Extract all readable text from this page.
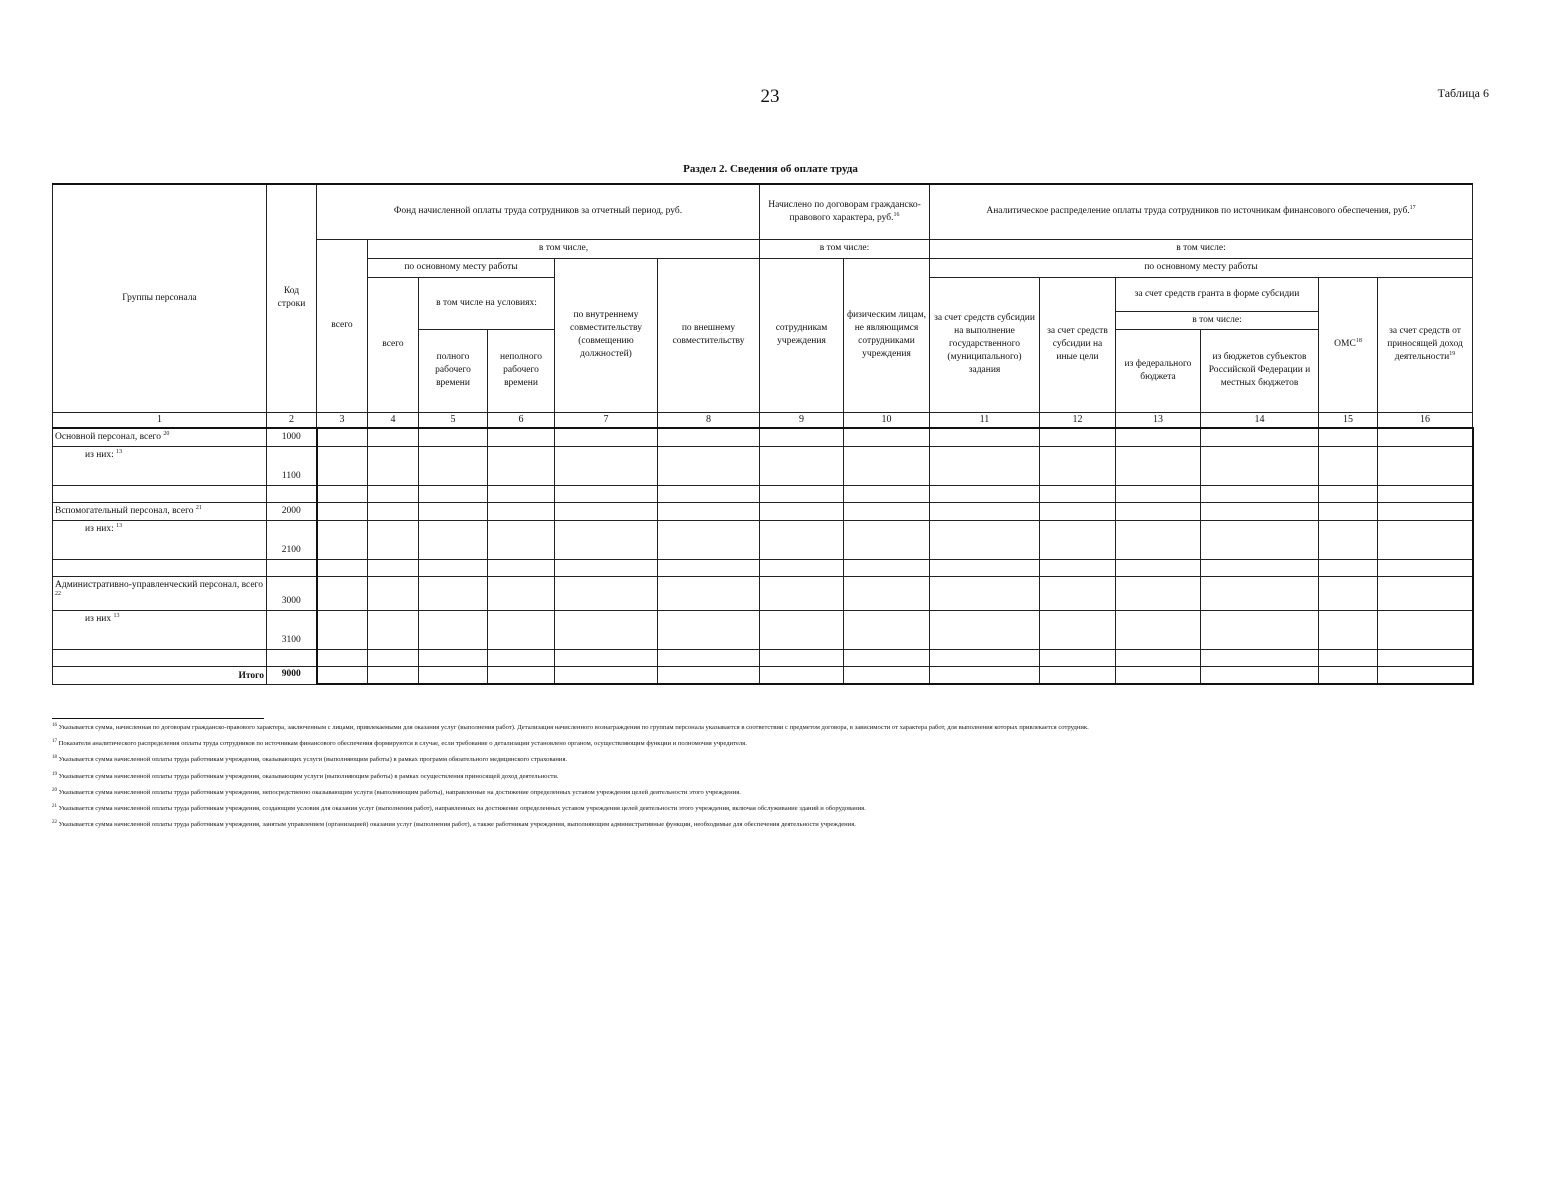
23	Таблица 6
Раздел 2. Сведения об оплате труда
Группы персонала	Код строки	Фонд начисленной оплаты труда сотрудников за отчетный период, руб.						Начислено по договорам гражданско-правового характера, руб.$^{16}$		Аналитическое распределение оплаты труда сотрудников по источникам финансового обеспечения, руб.$^{17}$
		всего	в том числе,					в том числе:		в том числе:					
			по основному месту работы			по внутреннему совместительству (совмещению должностей)	по внешнему совместительству	сотрудникам учреждения	физическим лицам, не являющимся сотрудниками учреждения	по основному месту работы					
			всего	в том числе на условиях:						за счет средств субсидии на выполнение государственного (муниципального) задания	за счет средств субсидии на иные цели	за счет средств гранта в форме субсидии		ОМС$^{18}$	за счет средств от приносящей доход деятельности$^{19}$
												в том числе:			
				полного рабочего времени	неполного рабочего времени							из федерального бюджета	из бюджетов субъектов Российской Федерации и местных бюджетов		

1	2	3	4	5	6	7	8	9	10	11	12	13	14	15	16
Основной персонал, всего $^{20}$	1000														
из них: $^{13}$	1100														

Вспомогательный персонал, всего $^{21}$	2000														
из них: $^{13}$	2100														

Административно-управленческий персонал, всего $^{22}$	3000														
из них $^{13}$	3100														

Итого	9000														
$^{16}$ Указывается сумма, начисленная по договорам гражданско-правового характера, заключенным с лицами, привлекаемыми для оказания услуг (выполнения работ). Детализация начисленного вознаграждения по группам персонала указывается в соответствии с предметом договора, в зависимости от характера работ, для выполнения которых привлекается сотрудник.
$^{17}$ Показатели аналитического распределения оплаты труда сотрудников по источникам финансового обеспечения формируются в случае, если требование о детализации установлено органом, осуществляющим функции и полномочия учредителя.
$^{18}$ Указывается сумма начисленной оплаты труда работникам учреждения, оказывающих услуги (выполняющим работы) в рамках программ обязательного медицинского страхования.
$^{19}$ Указывается сумма начисленной оплаты труда работникам учреждения, оказывающим услуги (выполняющим работы) в рамках осуществления приносящей доход деятельности.
$^{20}$ Указывается сумма начисленной оплаты труда работникам учреждения, непосредственно оказывающим услуги (выполняющим работы), направленные на достижение определенных уставом учреждения целей деятельности этого учреждения.
$^{21}$ Указывается сумма начисленной оплаты труда работникам учреждения, создающим условия для оказания услуг (выполнения работ), направленных на достижение определенных уставом учреждения целей деятельности этого учреждения, включая обслуживание зданий и оборудования.
$^{22}$ Указывается сумма начисленной оплаты труда работникам учреждения, занятым управлением (организацией) оказания услуг (выполнения работ), а также работникам учреждения, выполняющим административные функции, необходимые для обеспечения деятельности учреждения.
